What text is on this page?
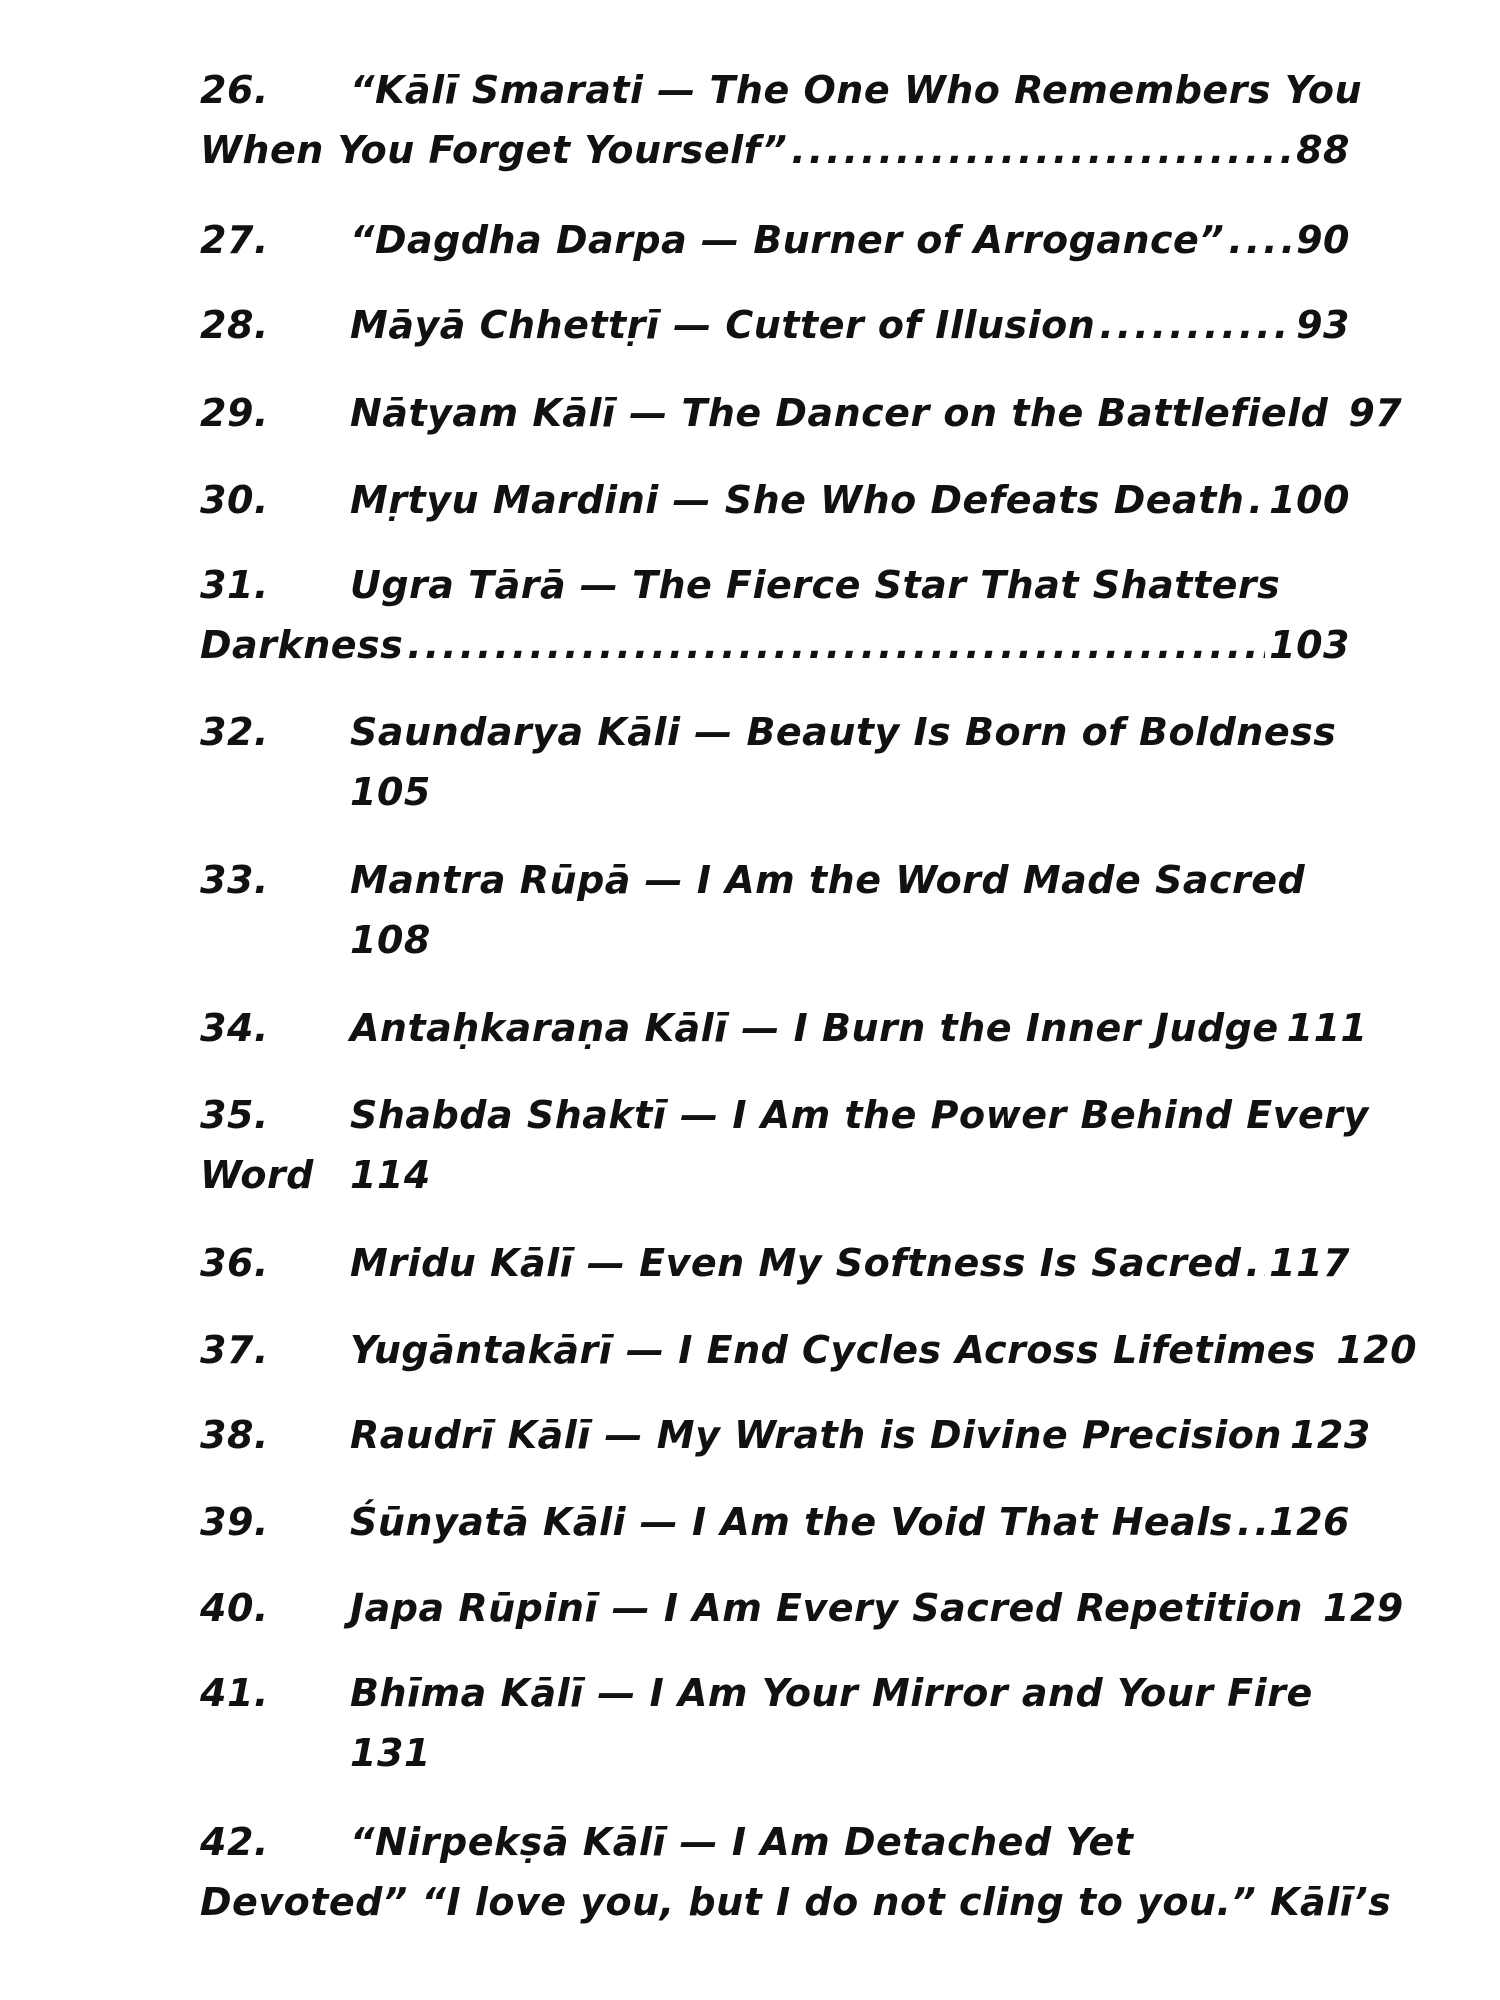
26. “Kālī Smarati — The One Who Remembers You
When You Forget Yourself” .....	88
27. “Dagdha Darpa — Burner of Arrogance” ..... 90
28. Māyā Chhettṛī — Cutter of Illusion .....	93
29. Nātyam Kālī — The Dancer on the Battlefield 97
30. Mṛtyu Mardini — She Who Defeats Death ..... 100
31. Ugra Tārā — The Fierce Star That Shatters
Darkness .....	103
32. Saundarya Kāli — Beauty Is Born of Boldness
105
33. Mantra Rūpā — I Am the Word Made Sacred
108
34. Antaḥkaraṇa Kālī — I Burn the Inner Judge 111
35. Shabda Shaktī — I Am the Power Behind Every
Word 114
36. Mridu Kālī — Even My Softness Is Sacred ..... 117
37. Yugāntakārī — I End Cycles Across Lifetimes 120
38. Raudrī Kālī — My Wrath is Divine Precision 123
39. Śūnyatā Kāli — I Am the Void That Heals ..... 126
40. Japa Rūpinī — I Am Every Sacred Repetition 129
41. Bhīma Kālī — I Am Your Mirror and Your Fire
131
42. “Nirpekṣā Kālī — I Am Detached Yet
Devoted” “I love you, but I do not cling to you.” Kālī’s
